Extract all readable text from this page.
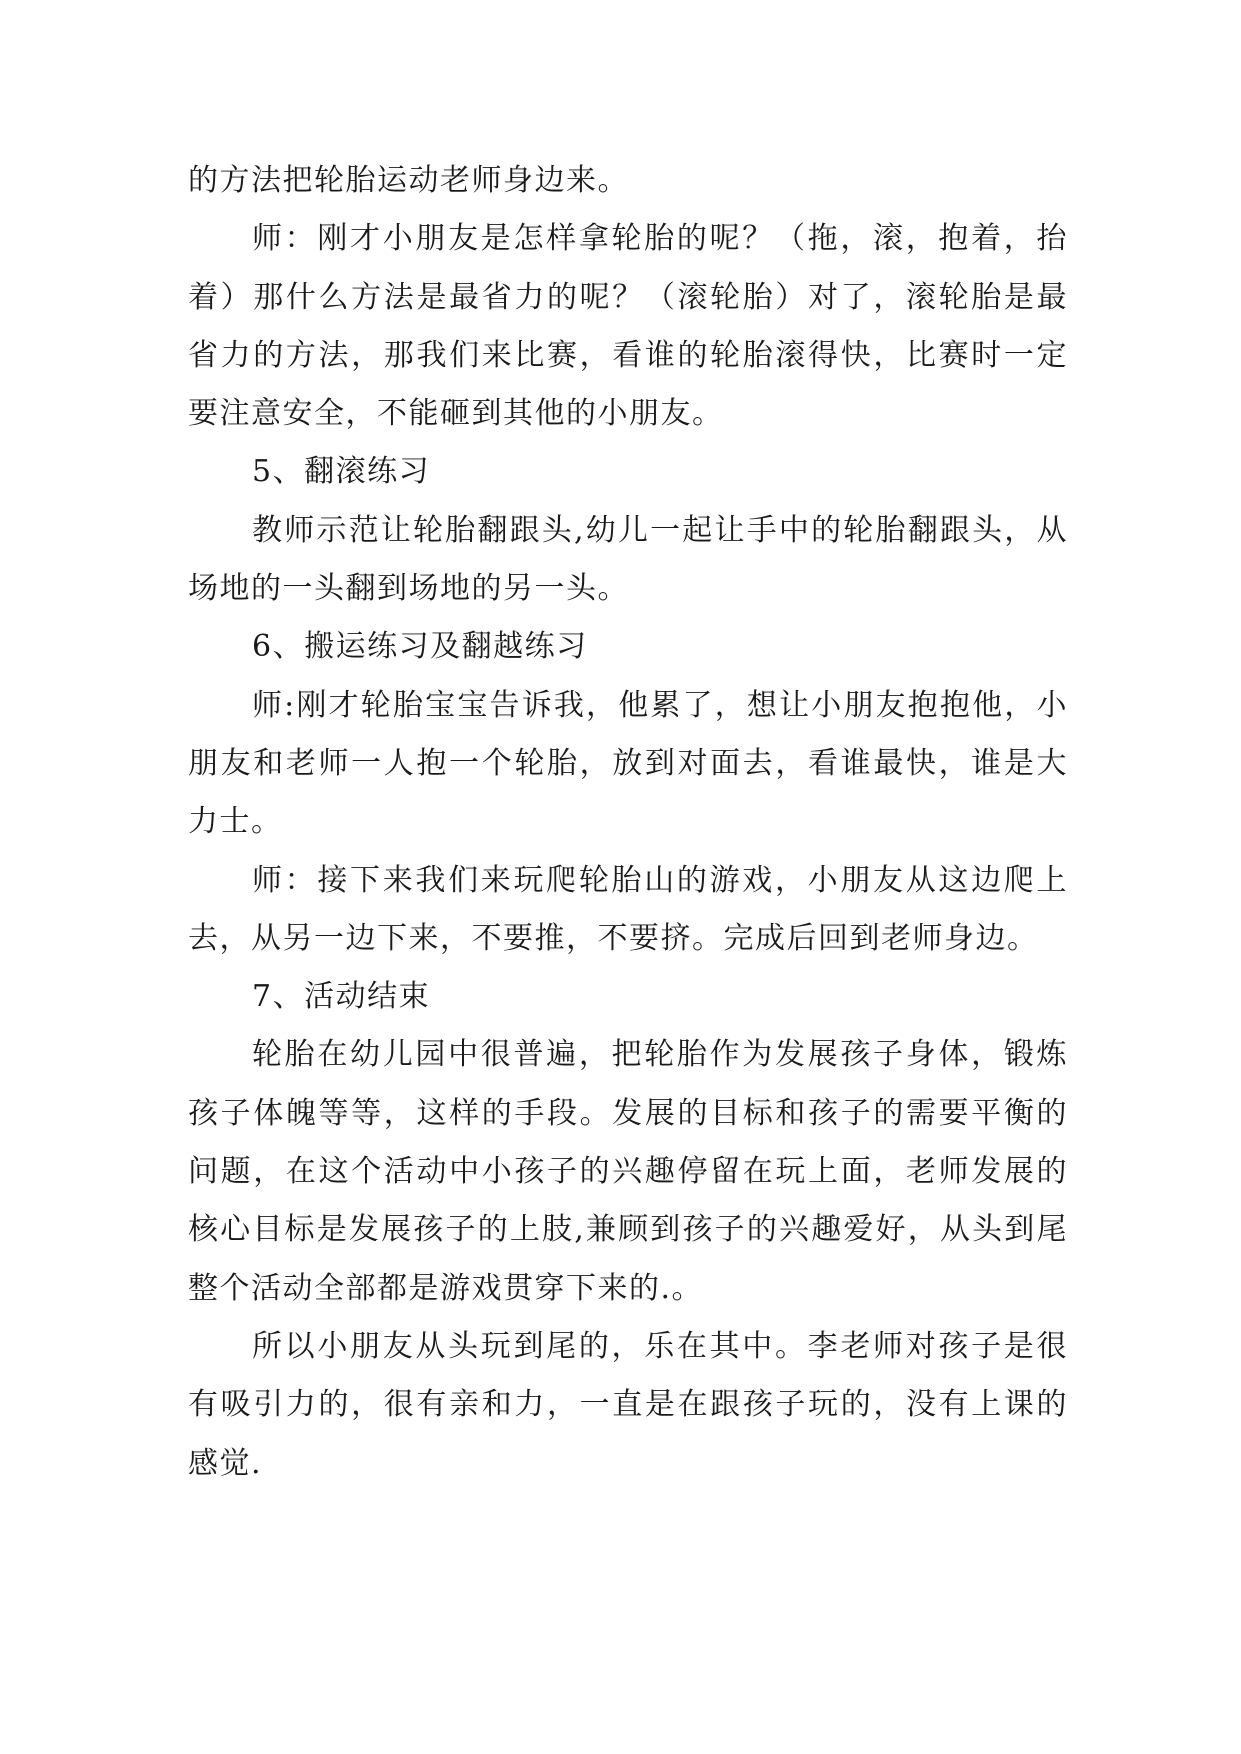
的方法把轮胎运动老师身边来。

师：刚才小朋友是怎样拿轮胎的呢？（拖，滚，抱着，抬着）那什么方法是最省力的呢？（滚轮胎）对了，滚轮胎是最省力的方法，那我们来比赛，看谁的轮胎滚得快，比赛时一定要注意安全，不能砸到其他的小朋友。

5、翻滚练习

教师示范让轮胎翻跟头,幼儿一起让手中的轮胎翻跟头，从场地的一头翻到场地的另一头。

6、搬运练习及翻越练习

师:刚才轮胎宝宝告诉我，他累了，想让小朋友抱抱他，小朋友和老师一人抱一个轮胎，放到对面去，看谁最快，谁是大力士。

师：接下来我们来玩爬轮胎山的游戏，小朋友从这边爬上去，从另一边下来，不要推，不要挤。完成后回到老师身边。

7、活动结束

轮胎在幼儿园中很普遍，把轮胎作为发展孩子身体，锻炼孩子体魄等等，这样的手段。发展的目标和孩子的需要平衡的问题，在这个活动中小孩子的兴趣停留在玩上面，老师发展的核心目标是发展孩子的上肢,兼顾到孩子的兴趣爱好，从头到尾整个活动全部都是游戏贯穿下来的.。

所以小朋友从头玩到尾的，乐在其中。李老师对孩子是很有吸引力的，很有亲和力，一直是在跟孩子玩的，没有上课的感觉.
